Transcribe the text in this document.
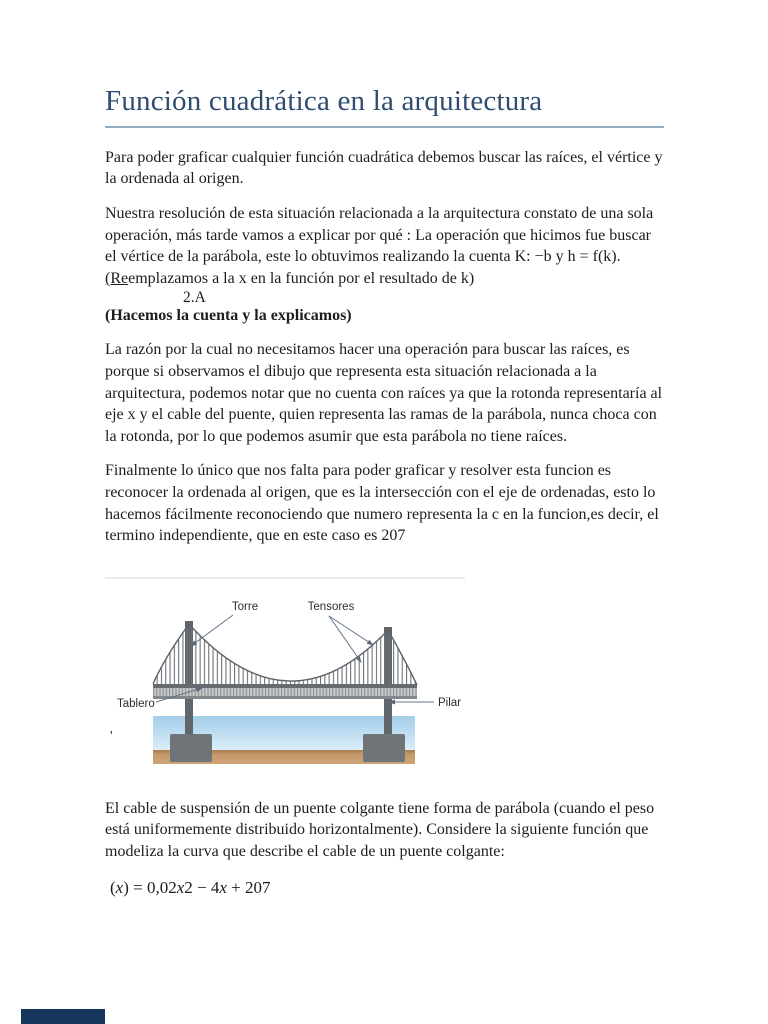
Función cuadrática en la arquitectura

Para poder graficar cualquier función cuadrática debemos buscar las raíces, el vértice y la ordenada al origen.

Nuestra resolución de esta situación relacionada a la arquitectura constato de una sola operación, más tarde vamos a explicar por qué : La operación que hicimos fue buscar el vértice de la parábola, este lo obtuvimos realizando la cuenta K: −b y h = f(k). (Reemplazamos a la x en la función por el resultado de k)

2.A
(Hacemos la cuenta y la explicamos)

La razón por la cual no necesitamos hacer una operación para buscar las raíces, es porque si observamos el dibujo que representa esta situación relacionada a la arquitectura, podemos notar que no cuenta con raíces ya que la rotonda representaría al eje x y el cable del puente, quien representa las ramas de la parábola, nunca choca con la rotonda, por lo que podemos asumir que esta parábola no tiene raíces.

Finalmente lo único que nos falta para poder graficar y resolver esta funcion es reconocer la ordenada al origen, que es la intersección con el eje de ordenadas, esto lo hacemos fácilmente reconociendo que numero representa la c en la funcion,es decir, el termino independiente, que en este caso es 207

Torre	Tensores
Tablero	Pilar
'

El cable de suspensión de un puente colgante tiene forma de parábola (cuando el peso está uniformemente distribuido horizontalmente). Considere la siguiente función que modeliza la curva que describe el cable de un puente colgante:

(x) = 0,02x2 − 4x + 207
